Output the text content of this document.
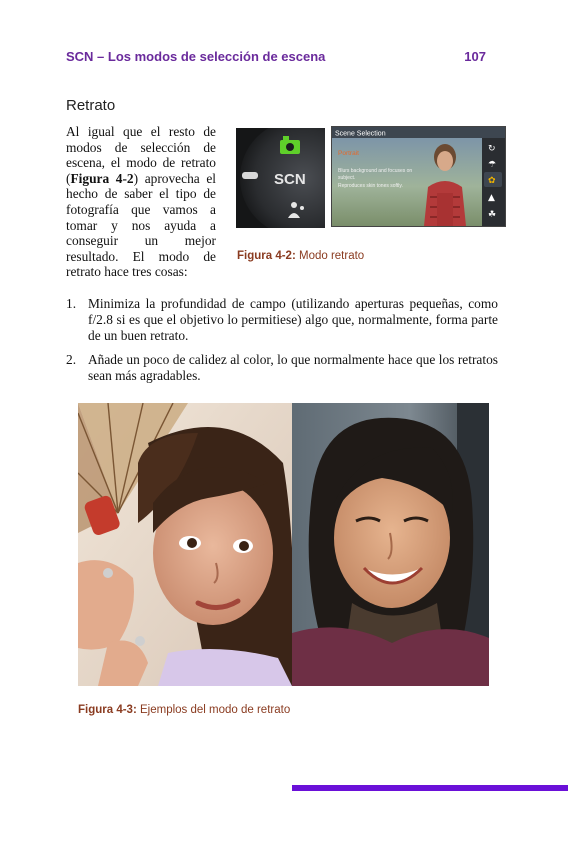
SCN – Los modos de selección de escena	107
Retrato
Al igual que el resto de modos de selección de escena, el modo de retrato (Figura 4-2) aprovecha el hecho de saber el tipo de fotografía que vamos a tomar y nos ayuda a conseguir un mejor resultado. El modo de retrato hace tres cosas:
SCN
Scene Selection
Portrait
Blurs background and focuses on
subject.
Reproduces skin tones softly.
↻
☂
✿
▲
☘
Figura 4-2: Modo retrato
1. Minimiza la profundidad de campo (utilizando aperturas pequeñas, como f/2.8 si es que el objetivo lo permitiese) algo que, normalmente, forma parte de un buen retrato.
2. Añade un poco de calidez al color, lo que normalmente hace que los retratos sean más agradables.
Figura 4-3: Ejemplos del modo de retrato
